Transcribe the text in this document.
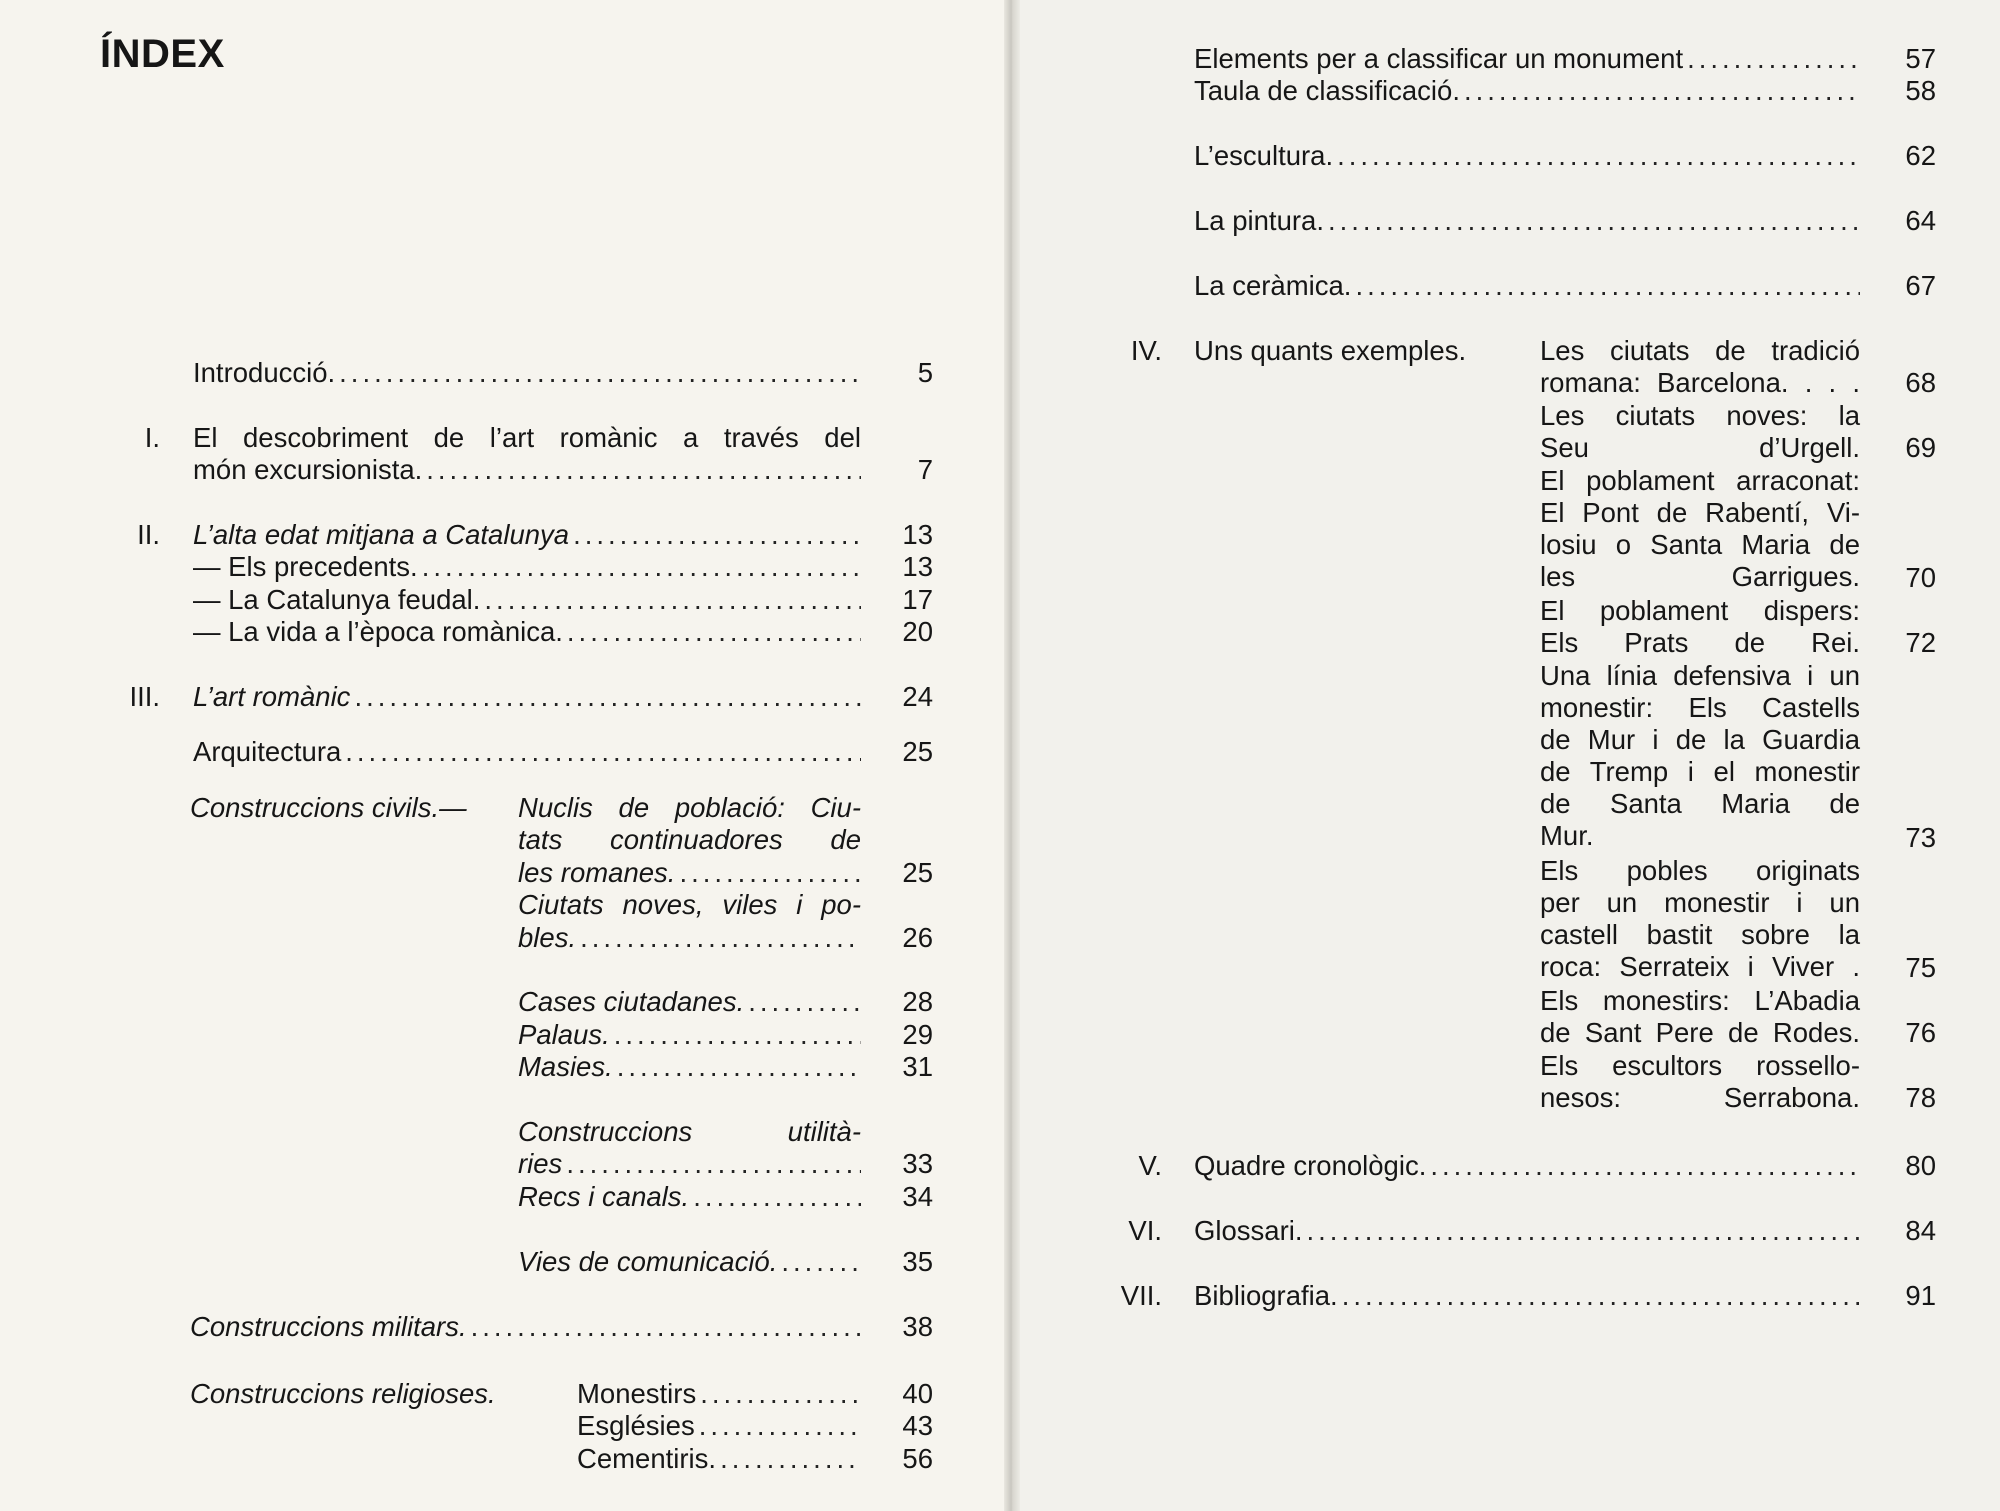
ÍNDEX
Introducció. .....	5
I. El descobriment de l’art romànic a través del
món excursionista. .....	7
II. L’alta edat mitjana a Catalunya .....	13
— Els precedents. .....	13
— La Catalunya feudal. .....	17
— La vida a l’època romànica. .....	20
III. L’art romànic .....	24
Arquitectura .....	25
Construccions civils.— Nuclis de població: Ciu-
tats continuadores de
les romanes. .....	25
Ciutats noves, viles i po-
bles. .....	26
Cases ciutadanes. .....	28
Palaus. .....	29
Masies. .....	31
Construccions utilità-
ries .....	33
Recs i canals. .....	34
Vies de comunicació. .....	35
Construccions militars. .....	38
Construccions religioses.	Monestirs .....	40
Esglésies .....	43
Cementiris. .....	56
Elements per a classificar un monument .....	57
Taula de classificació. .....	58
L’escultura. .....	62
La pintura. .....	64
La ceràmica. .....	67
IV. Uns quants exemples.	Les ciutats de tradició
romana: Barcelona. . . .	68
Les ciutats noves: la
Seu d’Urgell.	69
El poblament arraconat:
El Pont de Rabentí, Vi-
losiu o Santa Maria de
les Garrigues.	70
El poblament dispers:
Els Prats de Rei.	72
Una línia defensiva i un
monestir: Els Castells
de Mur i de la Guardia
de Tremp i el monestir
de Santa Maria de
Mur.	73
Els pobles originats
per un monestir i un
castell bastit sobre la
roca: Serrateix i Viver .	75
Els monestirs: L’Abadia
de Sant Pere de Rodes.	76
Els escultors rossello-
nesos: Serrabona.	78
V. Quadre cronològic. .....	80
VI. Glossari. .....	84
VII. Bibliografia. .....	91
